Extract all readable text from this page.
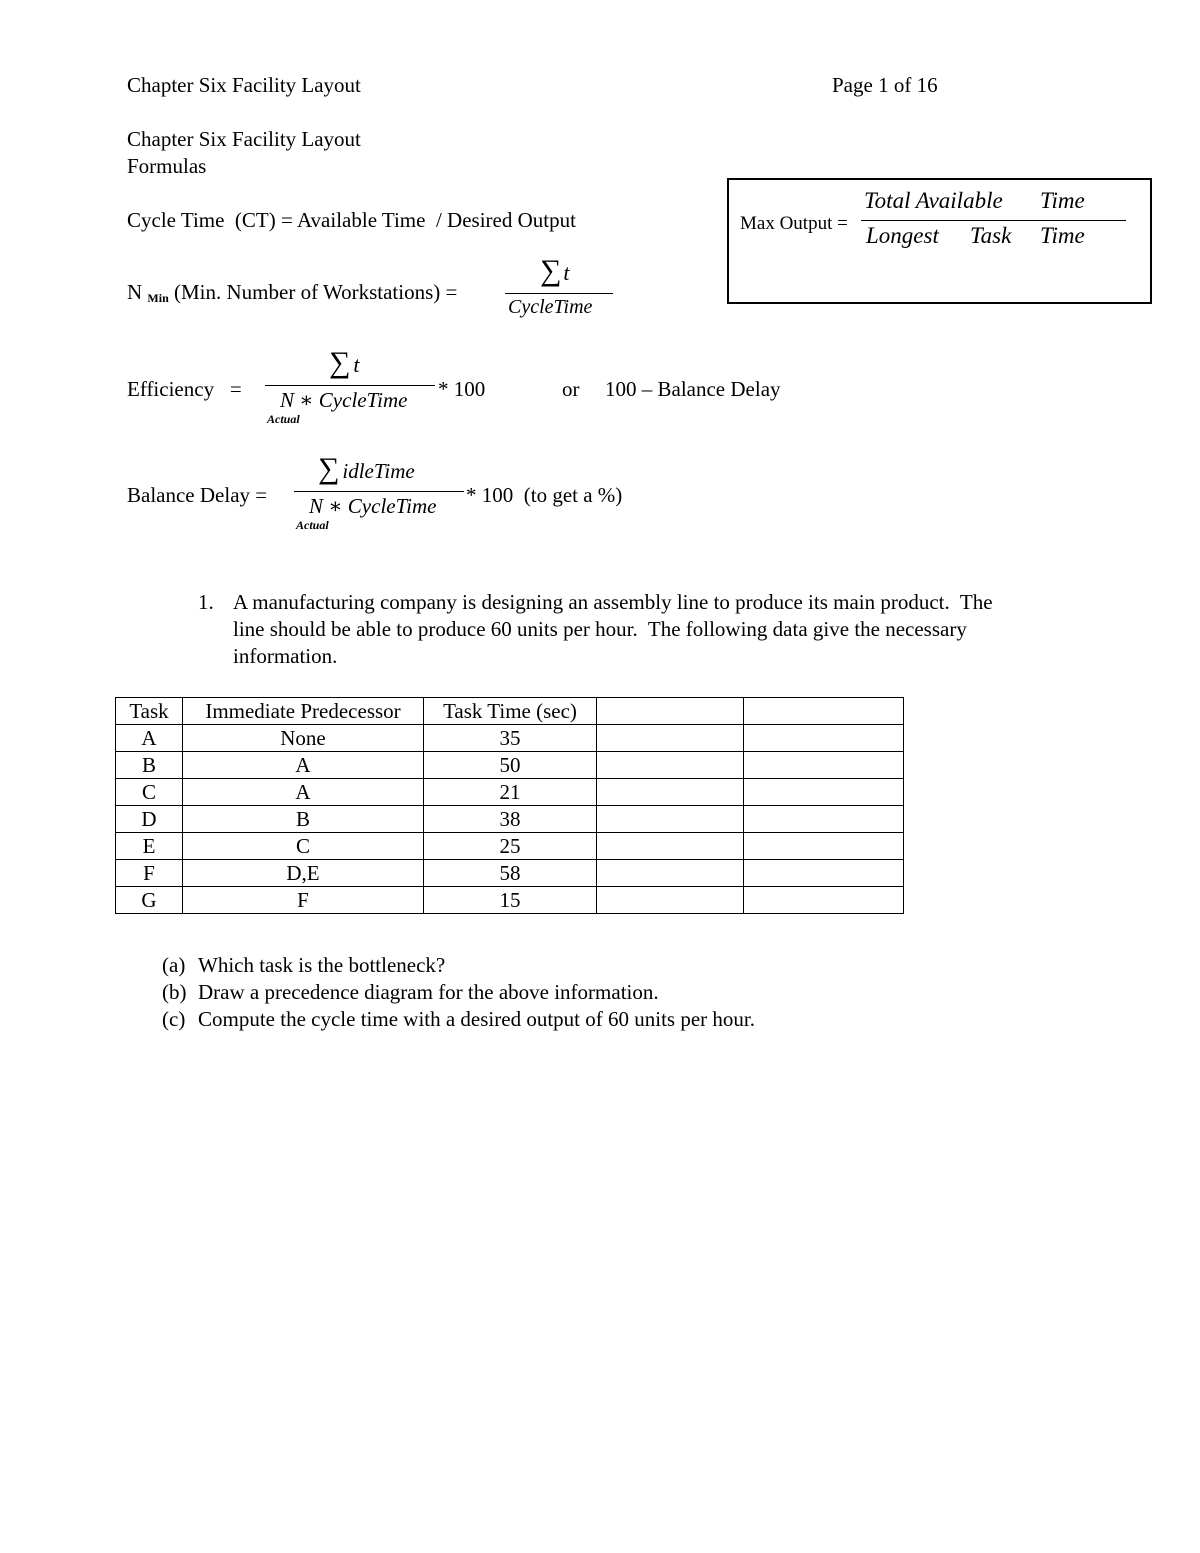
Chapter Six Facility Layout	Page 1 of 16
Chapter Six Facility Layout
Formulas
Cycle Time  (CT) = Available Time  / Desired Output
N Min (Min. Number of Workstations) =
∑t
CycleTime
Efficiency   =
∑ t
N ∗ CycleTime
Actual
* 100	or 100 – Balance Delay
Balance Delay =
∑ idleTime
N ∗ CycleTime
Actual
* 100  (to get a %)
Max Output =
Total Available Time
Longest Task Time
1. A manufacturing company is designing an assembly line to produce its main product.  The
line should be able to produce 60 units per hour.  The following data give the necessary
information.
Task	Immediate Predecessor	Task Time (sec)		
A	None	35		
B	A	50		
C	A	21		
D	B	38		
E	C	25		
F	D,E	58		
G	F	15		
(a) Which task is the bottleneck?
(b) Draw a precedence diagram for the above information.
(c) Compute the cycle time with a desired output of 60 units per hour.
